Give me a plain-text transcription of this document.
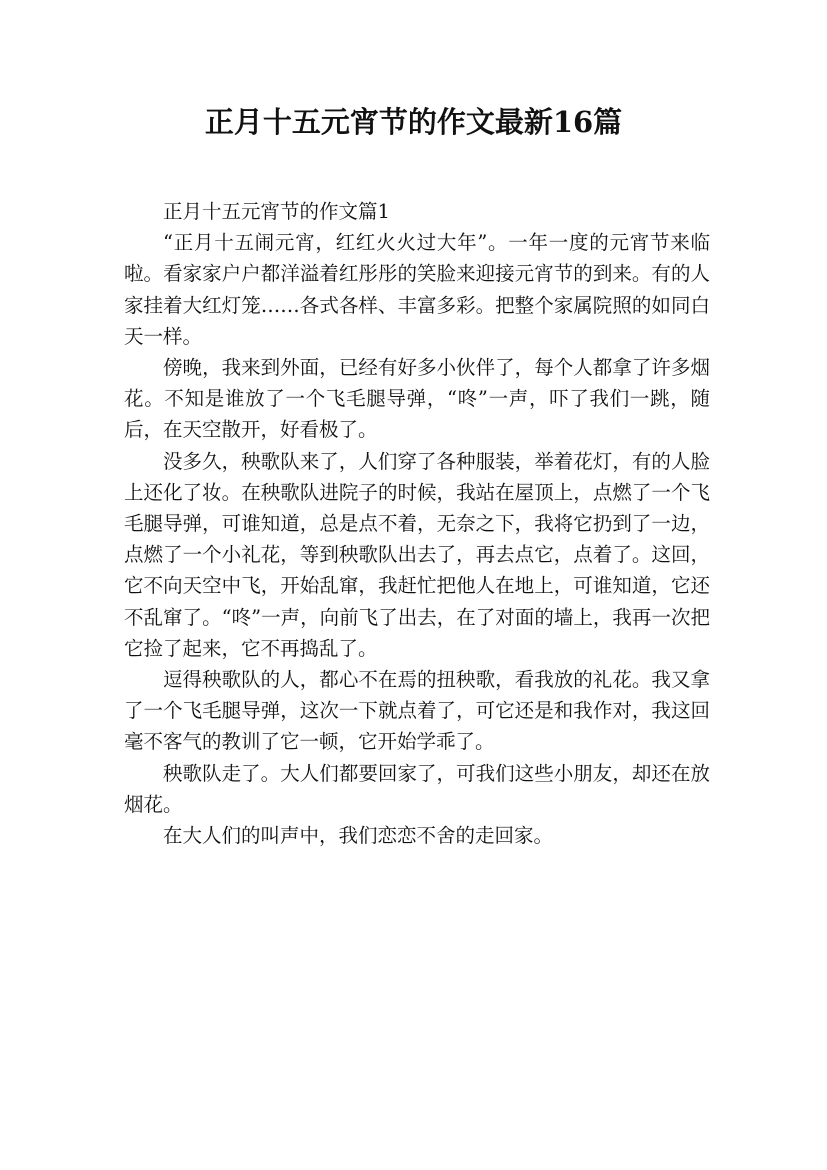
正月十五元宵节的作文最新16篇

正月十五元宵节的作文篇1

“正月十五闹元宵，红红火火过大年”。一年一度的元宵节来临啦。看家家户户都洋溢着红彤彤的笑脸来迎接元宵节的到来。有的人家挂着大红灯笼……各式各样、丰富多彩。把整个家属院照的如同白天一样。

傍晚，我来到外面，已经有好多小伙伴了，每个人都拿了许多烟花。不知是谁放了一个飞毛腿导弹，“咚”一声，吓了我们一跳，随后，在天空散开，好看极了。

没多久，秧歌队来了，人们穿了各种服装，举着花灯，有的人脸上还化了妆。在秧歌队进院子的时候，我站在屋顶上，点燃了一个飞毛腿导弹，可谁知道，总是点不着，无奈之下，我将它扔到了一边，点燃了一个小礼花，等到秧歌队出去了，再去点它，点着了。这回，它不向天空中飞，开始乱窜，我赶忙把他人在地上，可谁知道，它还不乱窜了。“咚”一声，向前飞了出去，在了对面的墙上，我再一次把它捡了起来，它不再捣乱了。

逗得秧歌队的人，都心不在焉的扭秧歌，看我放的礼花。我又拿了一个飞毛腿导弹，这次一下就点着了，可它还是和我作对，我这回毫不客气的教训了它一顿，它开始学乖了。

秧歌队走了。大人们都要回家了，可我们这些小朋友，却还在放烟花。

在大人们的叫声中，我们恋恋不舍的走回家。
